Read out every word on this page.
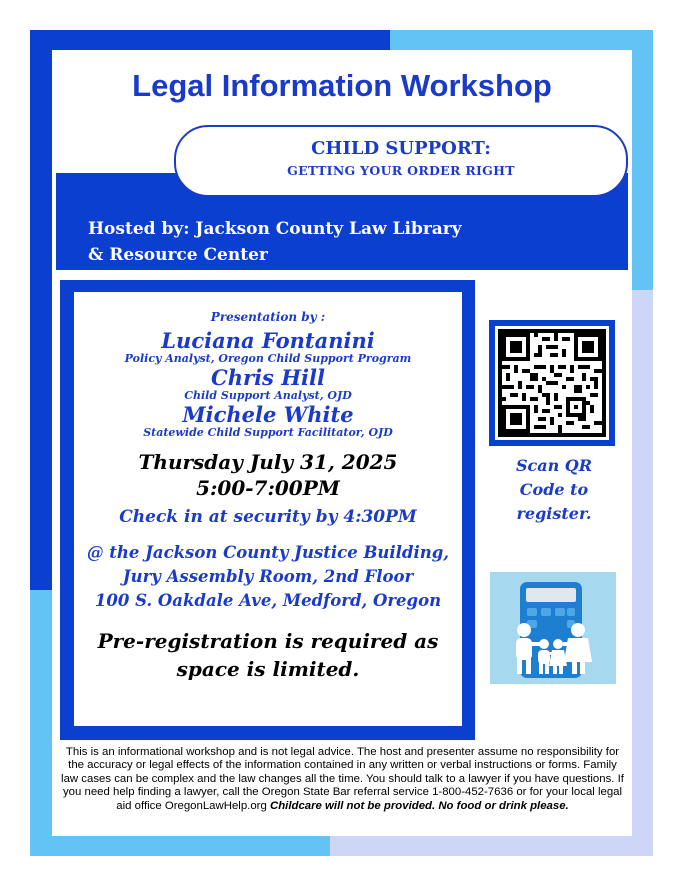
Legal Information Workshop
CHILD SUPPORT:
GETTING YOUR ORDER RIGHT
Hosted by: Jackson County Law Library
& Resource Center
Presentation by :
Luciana Fontanini
Policy Analyst, Oregon Child Support Program
Chris Hill
Child Support Analyst, OJD
Michele White
Statewide Child Support Facilitator, OJD
Thursday July 31, 2025
5:00-7:00PM
Check in at security by 4:30PM
@ the Jackson County Justice Building,
Jury Assembly Room, 2nd Floor
100 S. Oakdale Ave, Medford, Oregon
Pre-registration is required as
space is limited.
Scan QR
Code to
register.
This is an informational workshop and is not legal advice. The host and presenter assume no responsibility for the accuracy or legal effects of the information contained in any written or verbal instructions or forms. Family law cases can be complex and the law changes all the time. You should talk to a lawyer if you have questions. If you need help finding a lawyer, call the Oregon State Bar referral service 1-800-452-7636 or for your local legal aid office OregonLawHelp.org Childcare will not be provided. No food or drink please.
